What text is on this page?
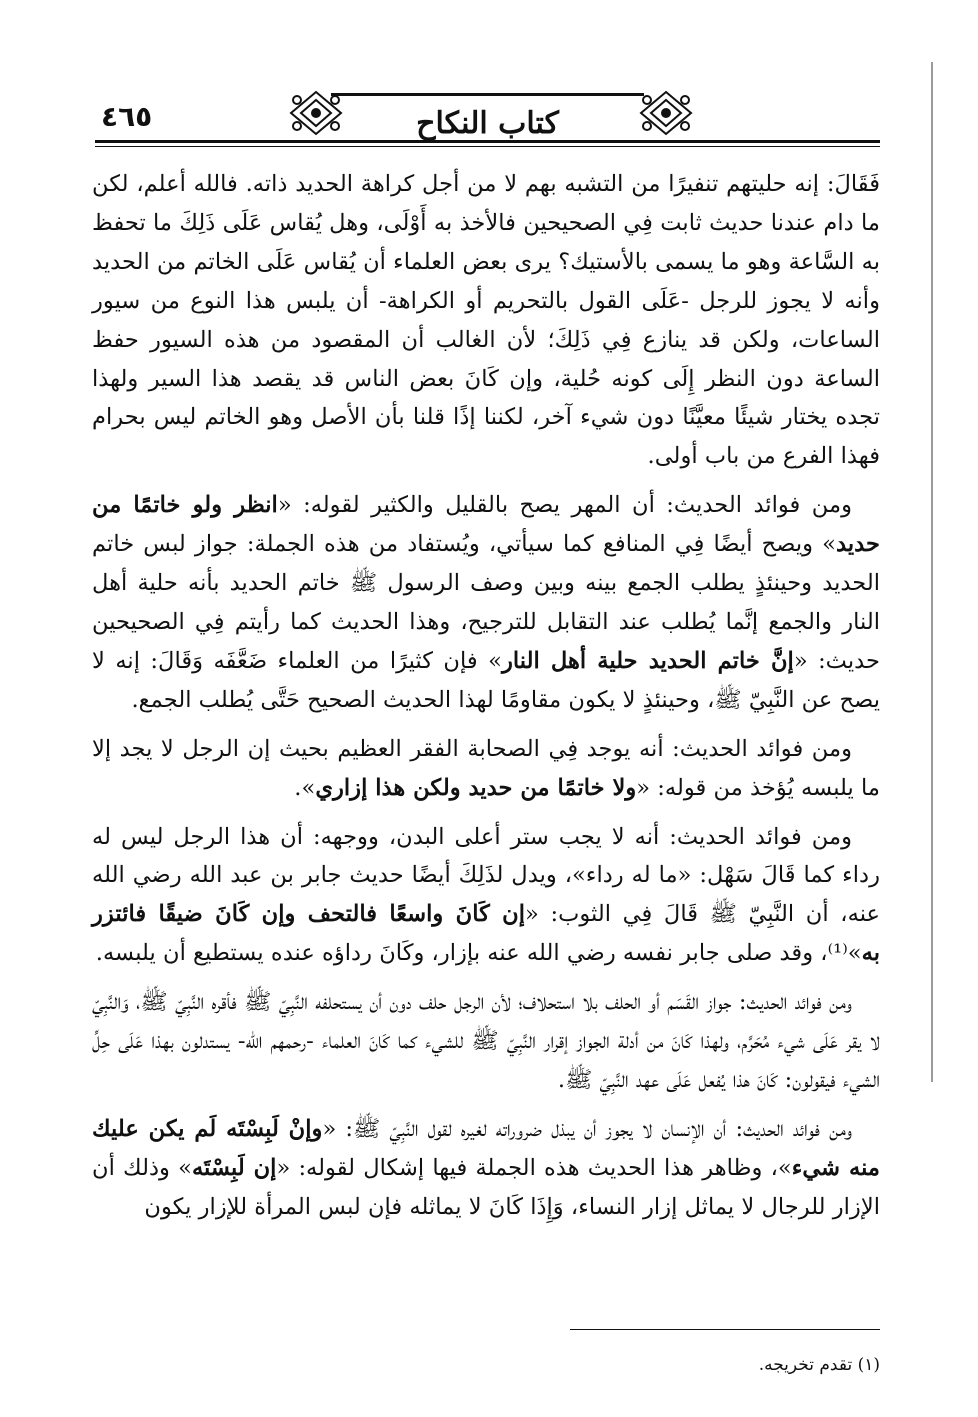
٤٦٥	كتاب النكاح

فَقَالَ: إنه حليتهم تنفيرًا من التشبه بهم لا من أجل كراهة الحديد ذاته. فالله أعلم، لكن ما دام عندنا حديث ثابت فِي الصحيحين فالأخذ به أَوْلَى، وهل يُقاس عَلَى ذَلِكَ ما تحفظ به السَّاعة وهو ما يسمى بالأستيك؟ يرى بعض العلماء أن يُقاس عَلَى الخاتم من الحديد وأنه لا يجوز للرجل -عَلَى القول بالتحريم أو الكراهة- أن يلبس هذا النوع من سيور الساعات، ولكن قد ينازع فِي ذَلِكَ؛ لأن الغالب أن المقصود من هذه السيور حفظ الساعة دون النظر إِلَى كونه حُلية، وإن كَانَ بعض الناس قد يقصد هذا السير ولهذا تجده يختار شيئًا معيَّنًا دون شيء آخر، لكننا إذًا قلنا بأن الأصل وهو الخاتم ليس بحرام فهذا الفرع من باب أولى.

ومن فوائد الحديث: أن المهر يصح بالقليل والكثير لقوله: «انظر ولو خاتمًا من حديد» ويصح أيضًا فِي المنافع كما سيأتي، ويُستفاد من هذه الجملة: جواز لبس خاتم الحديد وحينئذٍ يطلب الجمع بينه وبين وصف الرسول ﷺ خاتم الحديد بأنه حلية أهل النار والجمع إنَّما يُطلب عند التقابل للترجيح، وهذا الحديث كما رأيتم فِي الصحيحين حديث: «إنَّ خاتم الحديد حلية أهل النار» فإن كثيرًا من العلماء ضَعَّفَه وَقَالَ: إنه لا يصح عن النَّبِيّ ﷺ، وحينئذٍ لا يكون مقاومًا لهذا الحديث الصحيح حَتَّى يُطلب الجمع.

ومن فوائد الحديث: أنه يوجد فِي الصحابة الفقر العظيم بحيث إن الرجل لا يجد إلا ما يلبسه يُؤخذ من قوله: «ولا خاتمًا من حديد ولكن هذا إزاري».

ومن فوائد الحديث: أنه لا يجب ستر أعلى البدن، ووجهه: أن هذا الرجل ليس له رداء كما قَالَ سَهْل: «ما له رداء»، ويدل لذَلِكَ أيضًا حديث جابر بن عبد الله رضي الله عنه، أن النَّبِيّ ﷺ قَالَ فِي الثوب: «إن كَانَ واسعًا فالتحف وإن كَانَ ضيقًا فائتزر به»⁽¹⁾، وقد صلى جابر نفسه رضي الله عنه بإزار، وكَانَ رداؤه عنده يستطيع أن يلبسه.

ومن فوائد الحديث: جواز القَسَم أو الحلف بلا استحلاف؛ لأن الرجل حلف دون أن يستحلفه النَّبِيّ ﷺ فأقره النَّبِيّ ﷺ، وَالنَّبِيّ لا يقر عَلَى شيء مُحَرَّم، ولهذا كَانَ من أدلة الجواز إقرار النَّبِيّ ﷺ للشيء كما كَانَ العلماء -رحمهم الله- يستدلون بهذا عَلَى حِلِّ الشيء فيقولون: كَانَ هذا يُفعل عَلَى عهد النَّبِيّ ﷺ.

ومن فوائد الحديث: أن الإنسان لا يجوز أن يبذل ضروراته لغيره لقول النَّبِيّ ﷺ: «وإنْ لَبِسْتَه لَم يكن عليك منه شيء»، وظاهر هذا الحديث هذه الجملة فيها إشكال لقوله: «إن لَبِسْتَه» وذلك أن الإزار للرجال لا يماثل إزار النساء، وَإِذَا كَانَ لا يماثله فإن لبس المرأة للإزار يكون

(١) تقدم تخريجه.
